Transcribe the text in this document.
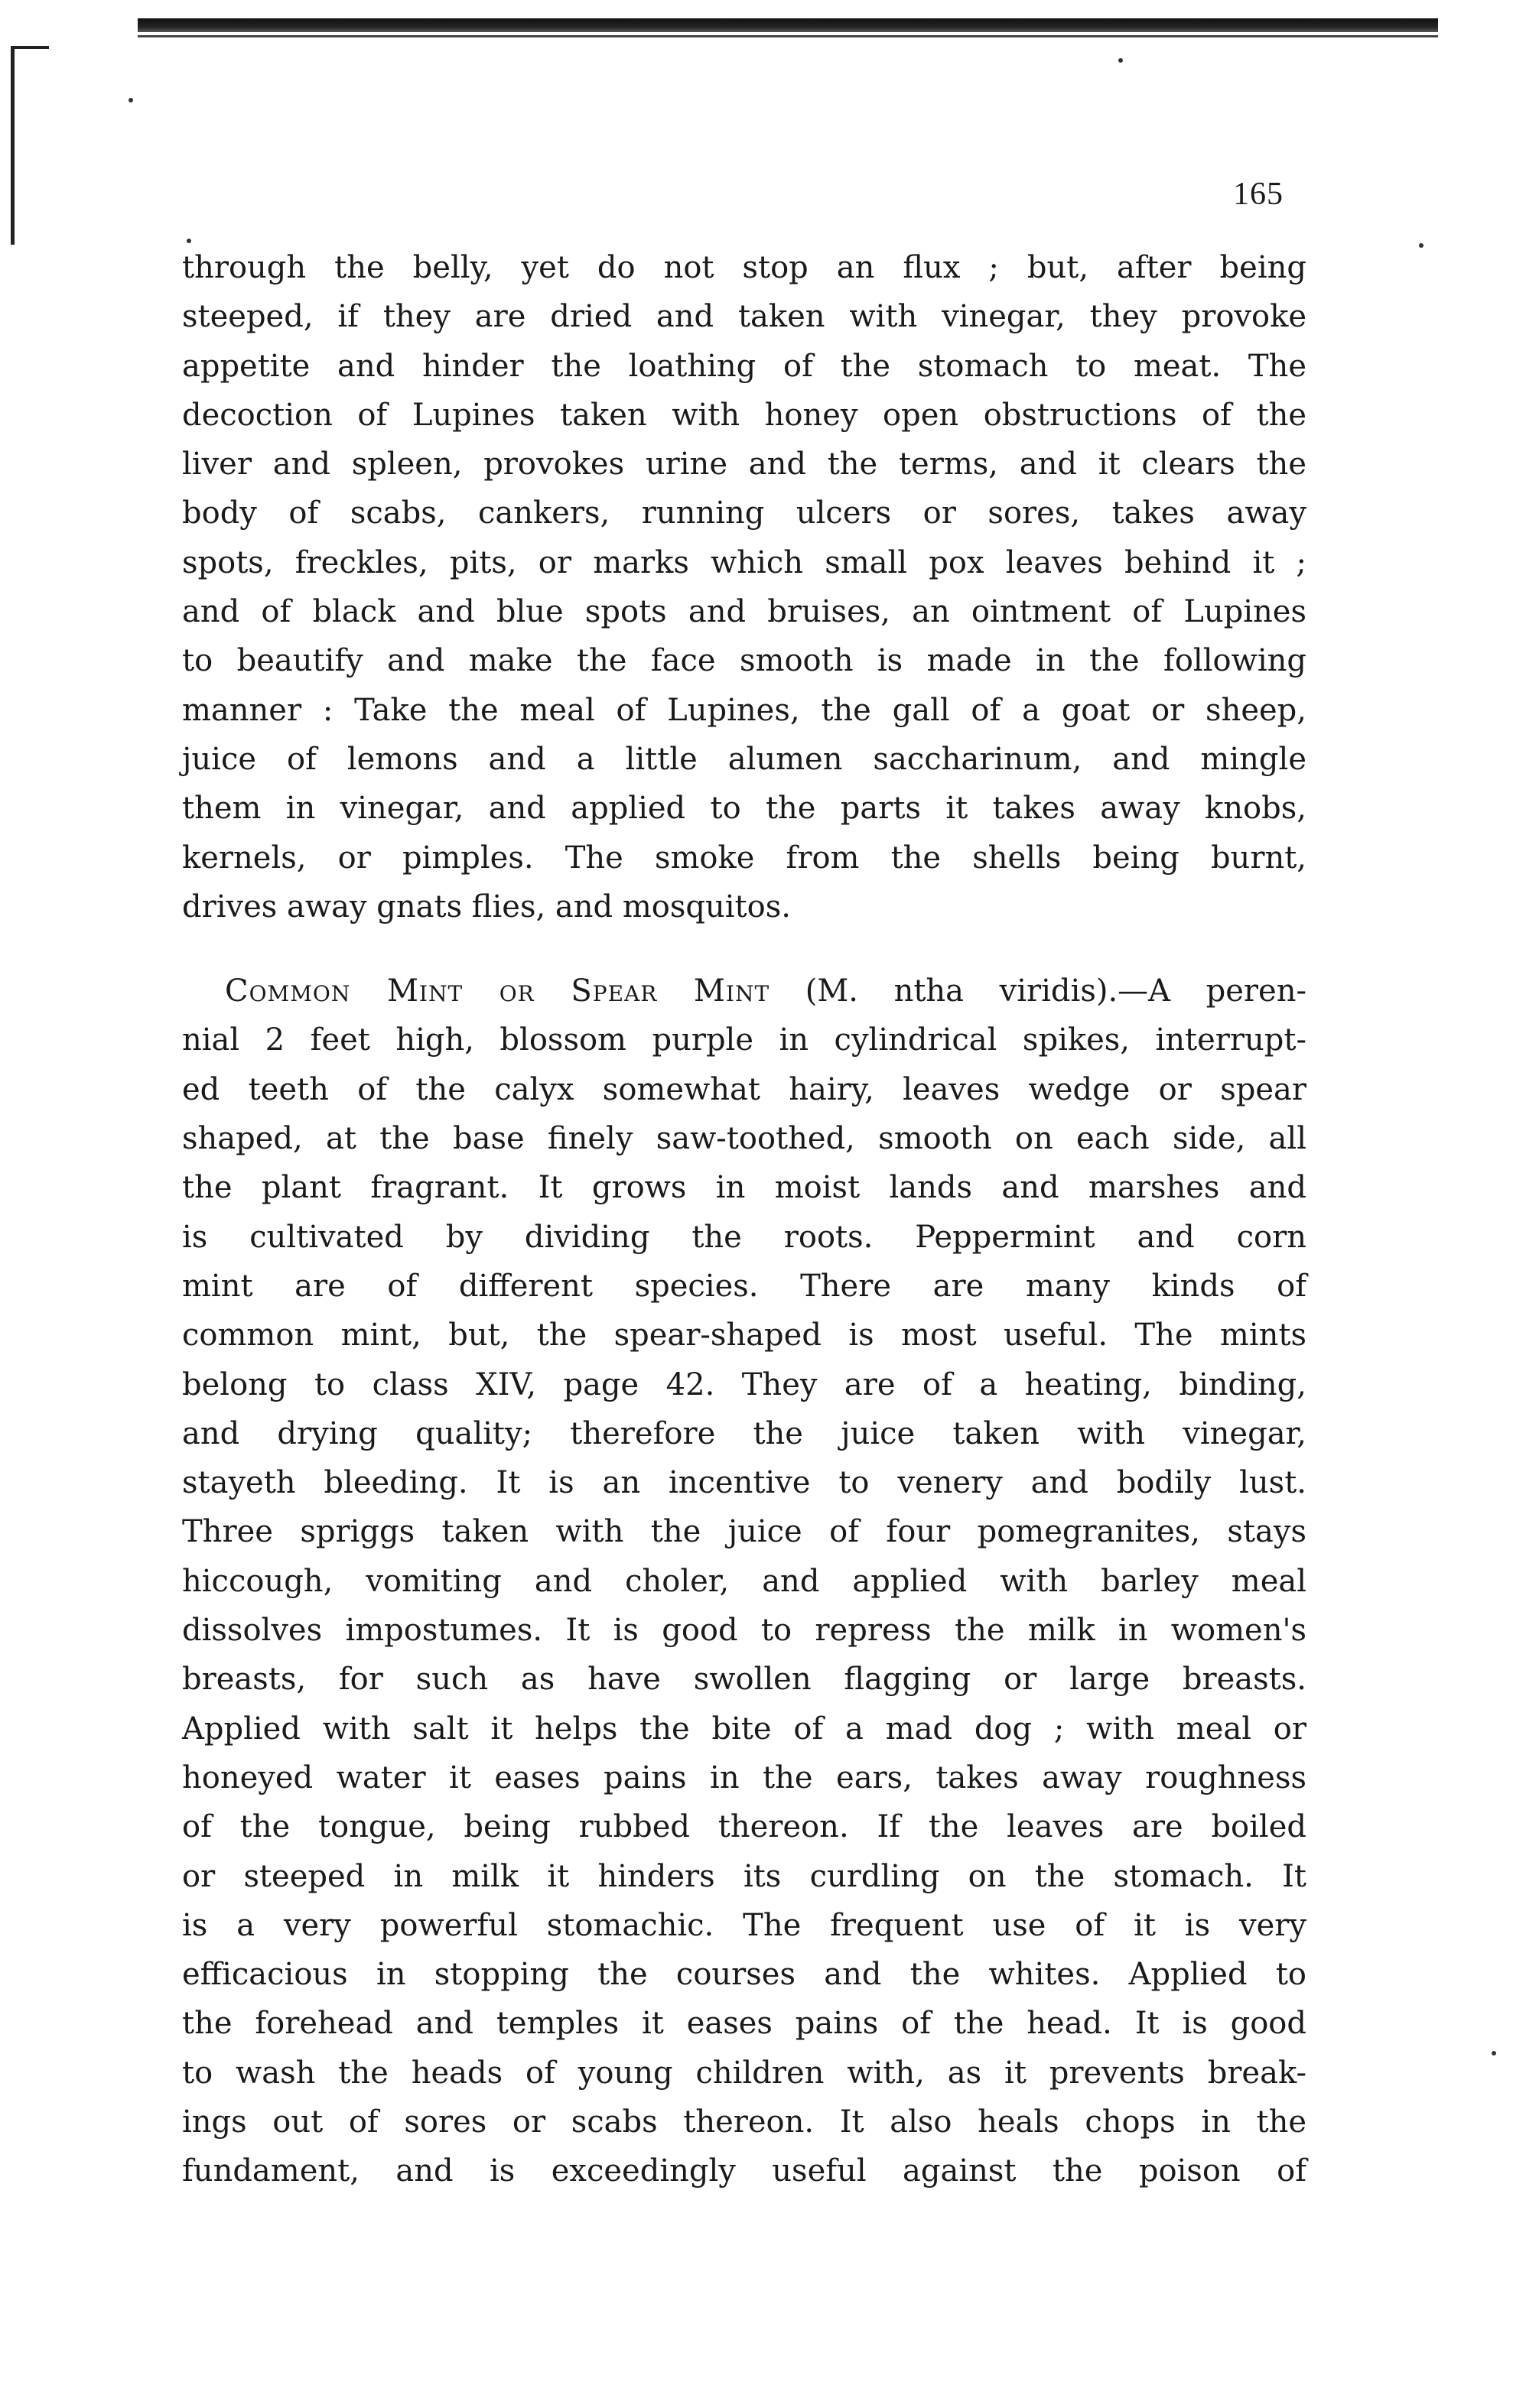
165
through the belly, yet do not stop an flux ; but, after being
steeped, if they are dried and taken with vinegar, they provoke
appetite and hinder the loathing of the stomach to meat. The
decoction of Lupines taken with honey open obstructions of the
liver and spleen, provokes urine and the terms, and it clears the
body of scabs, cankers, running ulcers or sores, takes away
spots, freckles, pits, or marks which small pox leaves behind it ;
and of black and blue spots and bruises, an ointment of Lupines
to beautify and make the face smooth is made in the following
manner : Take the meal of Lupines, the gall of a goat or sheep,
juice of lemons and a little alumen saccharinum, and mingle
them in vinegar, and applied to the parts it takes away knobs,
kernels, or pimples. The smoke from the shells being burnt,
drives away gnats flies, and mosquitos.
Common Mint or Spear Mint (M. ntha viridis).—A peren-
nial 2 feet high, blossom purple in cylindrical spikes, interrupt-
ed teeth of the calyx somewhat hairy, leaves wedge or spear
shaped, at the base finely saw-toothed, smooth on each side, all
the plant fragrant. It grows in moist lands and marshes and
is cultivated by dividing the roots. Peppermint and corn
mint are of different species. There are many kinds of
common mint, but, the spear-shaped is most useful. The mints
belong to class XIV, page 42. They are of a heating, binding,
and drying quality; therefore the juice taken with vinegar,
stayeth bleeding. It is an incentive to venery and bodily lust.
Three spriggs taken with the juice of four pomegranites, stays
hiccough, vomiting and choler, and applied with barley meal
dissolves impostumes. It is good to repress the milk in women's
breasts, for such as have swollen flagging or large breasts.
Applied with salt it helps the bite of a mad dog ; with meal or
honeyed water it eases pains in the ears, takes away roughness
of the tongue, being rubbed thereon. If the leaves are boiled
or steeped in milk it hinders its curdling on the stomach. It
is a very powerful stomachic. The frequent use of it is very
efficacious in stopping the courses and the whites. Applied to
the forehead and temples it eases pains of the head. It is good
to wash the heads of young children with, as it prevents break-
ings out of sores or scabs thereon. It also heals chops in the
fundament, and is exceedingly useful against the poison of
